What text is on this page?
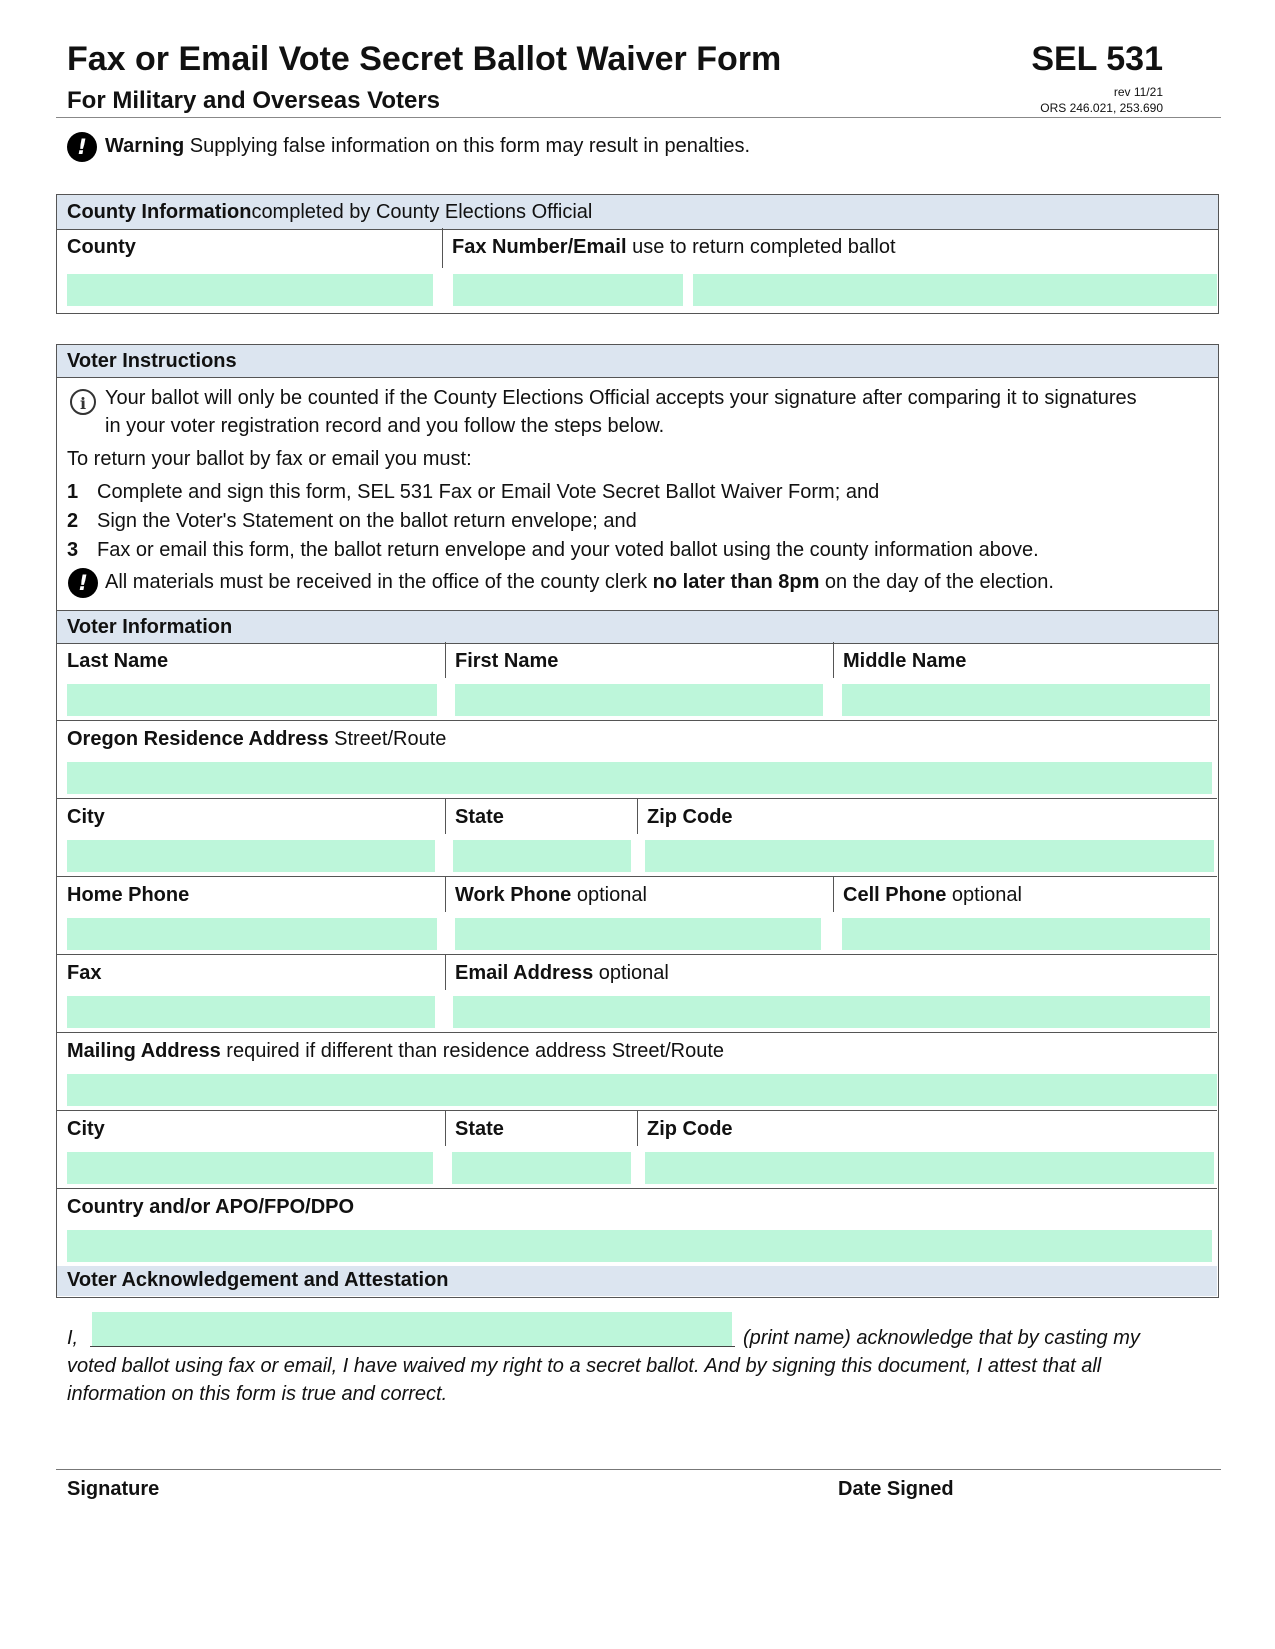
Fax or Email Vote Secret Ballot Waiver Form
For Military and Overseas Voters
SEL 531
rev 11/21
ORS 246.021, 253.690
! Warning Supplying false information on this form may result in penalties.
County Information completed by County Elections Official
County	Fax Number/Email use to return completed ballot
Voter Instructions
i Your ballot will only be counted if the County Elections Official accepts your signature after comparing it to signatures
in your voter registration record and you follow the steps below.
To return your ballot by fax or email you must:
1 Complete and sign this form, SEL 531 Fax or Email Vote Secret Ballot Waiver Form; and
2 Sign the Voter's Statement on the ballot return envelope; and
3 Fax or email this form, the ballot return envelope and your voted ballot using the county information above.
! All materials must be received in the office of the county clerk no later than 8pm on the day of the election.
Voter Information
Last Name	First Name	Middle Name
Oregon Residence Address Street/Route
City	State	Zip Code
Home Phone	Work Phone optional	Cell Phone optional
Fax	Email Address optional
Mailing Address required if different than residence address Street/Route
City	State	Zip Code
Country and/or APO/FPO/DPO
Voter Acknowledgement and Attestation
I,	(print name) acknowledge that by casting my
voted ballot using fax or email, I have waived my right to a secret ballot. And by signing this document, I attest that all
information on this form is true and correct.
Signature	Date Signed
